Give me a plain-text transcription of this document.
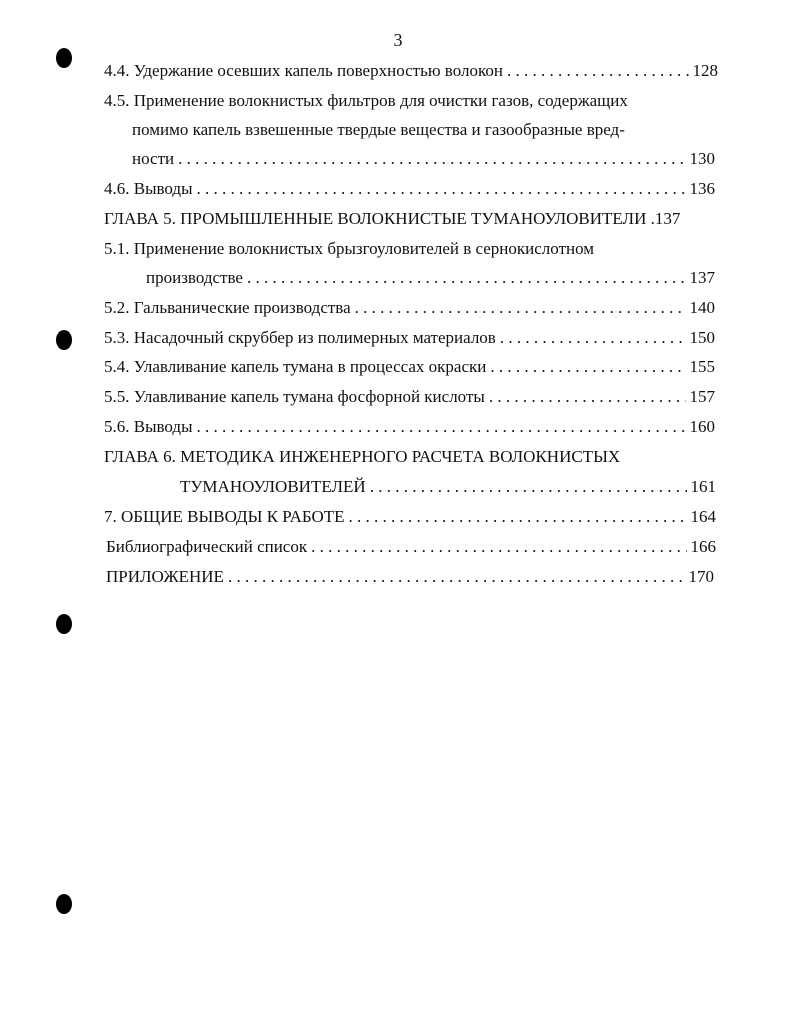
3
4.4. Удержание осевших капель поверхностью волокон . . .	128
4.5. Применение волокнистых фильтров для очистки газов, содержащих
помимо капель взвешенные твердые вещества и газообразные вред-
ности . . .	130
4.6. Выводы . . .	136
ГЛАВА 5. ПРОМЫШЛЕННЫЕ ВОЛОКНИСТЫЕ ТУМАНОУЛОВИТЕЛИ .137
5.1. Применение волокнистых брызгоуловителей в сернокислотном
производстве . . .	137
5.2. Гальванические производства . . .	140
5.3. Насадочный скруббер из полимерных материалов . . .	150
5.4. Улавливание капель тумана в процессах окраски . . .	155
5.5. Улавливание капель тумана фосфорной кислоты . . .	157
5.6. Выводы . . .	160
ГЛАВА 6. МЕТОДИКА ИНЖЕНЕРНОГО РАСЧЕТА ВОЛОКНИСТЫХ
ТУМАНОУЛОВИТЕЛЕЙ . . .	161
7. ОБЩИЕ ВЫВОДЫ К РАБОТЕ . . .	164
Библиографический список . . .	166
ПРИЛОЖЕНИЕ . . .	170
